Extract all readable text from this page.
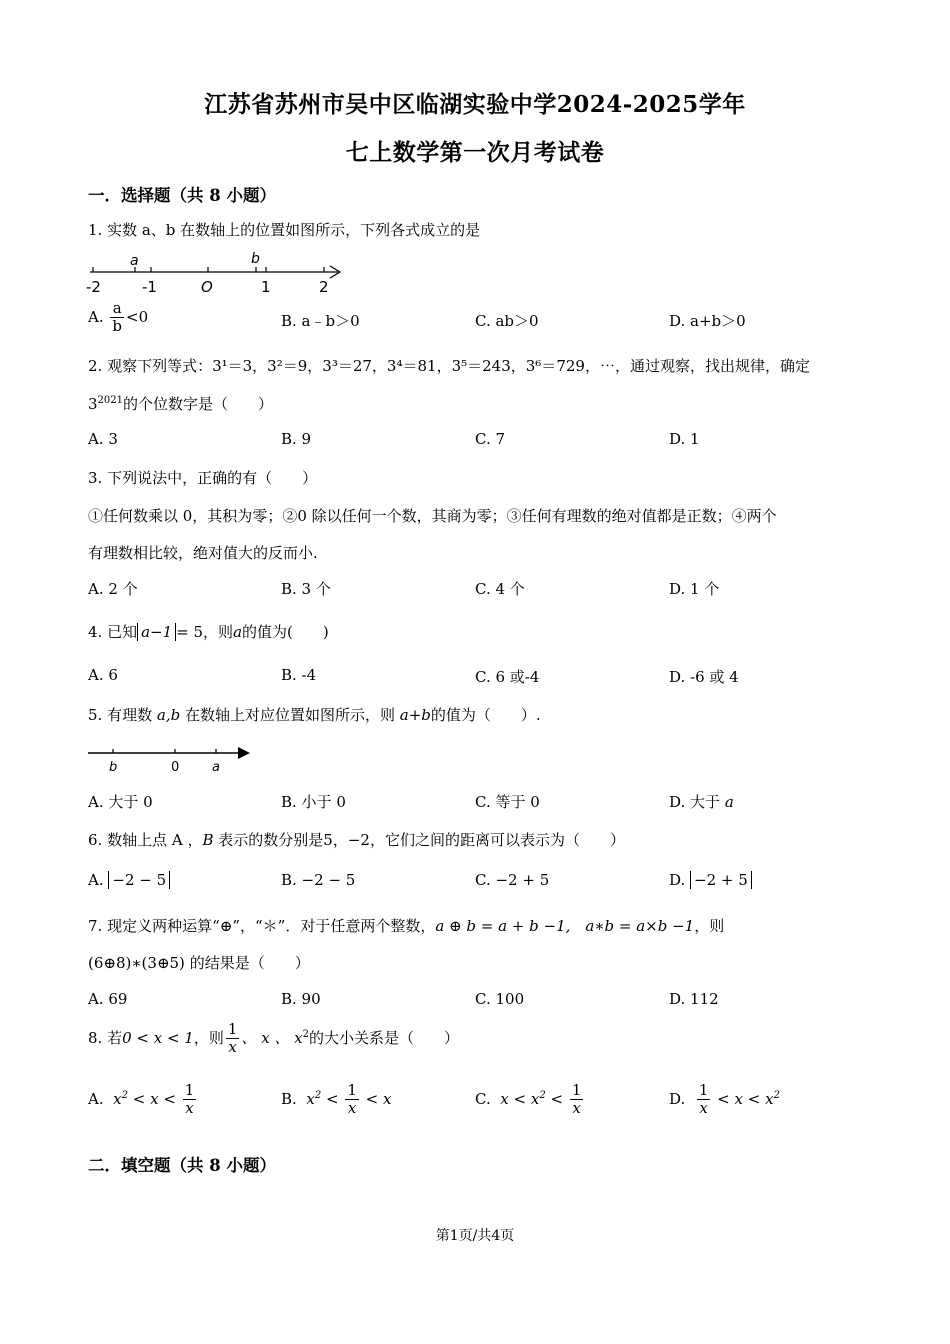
江苏省苏州市吴中区临湖实验中学2024-2025学年
七上数学第一次月考试卷
一．选择题（共 8 小题）
1. 实数 a、b 在数轴上的位置如图所示，下列各式成立的是
a	b
-2	-1	O	1	2
A. $\frac{a}{b} <0$	B. a﹣b＞0	C. ab＞0	D. a+b＞0
2. 观察下列等式：3¹＝3，3²＝9，3³＝27，3⁴＝81，3⁵＝243，3⁶＝729，⋯，通过观察，找出规律，确定
$3^{2021}$的个位数字是（　　）
A. 3	B. 9	C. 7	D. 1
3. 下列说法中，正确的有（　　）
①任何数乘以 0，其积为零；②0 除以任何一个数，其商为零；③任何有理数的绝对值都是正数；④两个
有理数相比较，绝对值大的反而小.
A. 2 个	B. 3 个	C. 4 个	D. 1 个
4. 已知 a−1 = 5，则a的值为(　　)
A. 6	B. -4	C. 6 或-4	D. -6 或 4
5. 有理数 a,b 在数轴上对应位置如图所示，则 a+b的值为（　　）.
b	0	a
A. 大于 0	B. 小于 0	C. 等于 0	D. 大于 a
6. 数轴上点 A ，B 表示的数分别是5，−2，它们之间的距离可以表示为（　　）
A. −2 − 5	B. −2 − 5	C. −2 + 5	D. −2 + 5
7. 现定义两种运算“⊕”，“＊”．对于任意两个整数，a ⊕ b = a + b −1,　a∗b = a×b −1，则
(6⊕8)∗(3⊕5) 的结果是（　　）
A. 69	B. 90	C. 100	D. 112
8. 若0 < x < 1，则 $\frac{1}{x}$ 、 x 、 $x^2$的大小关系是（　　）
A. $x^2 < x < \frac{1}{x}$	B. $x^2 < \frac{1}{x} < x$	C. $x < x^2 < \frac{1}{x}$	D. $\frac{1}{x} < x < x^2$
二．填空题（共 8 小题）
第1页/共4页
